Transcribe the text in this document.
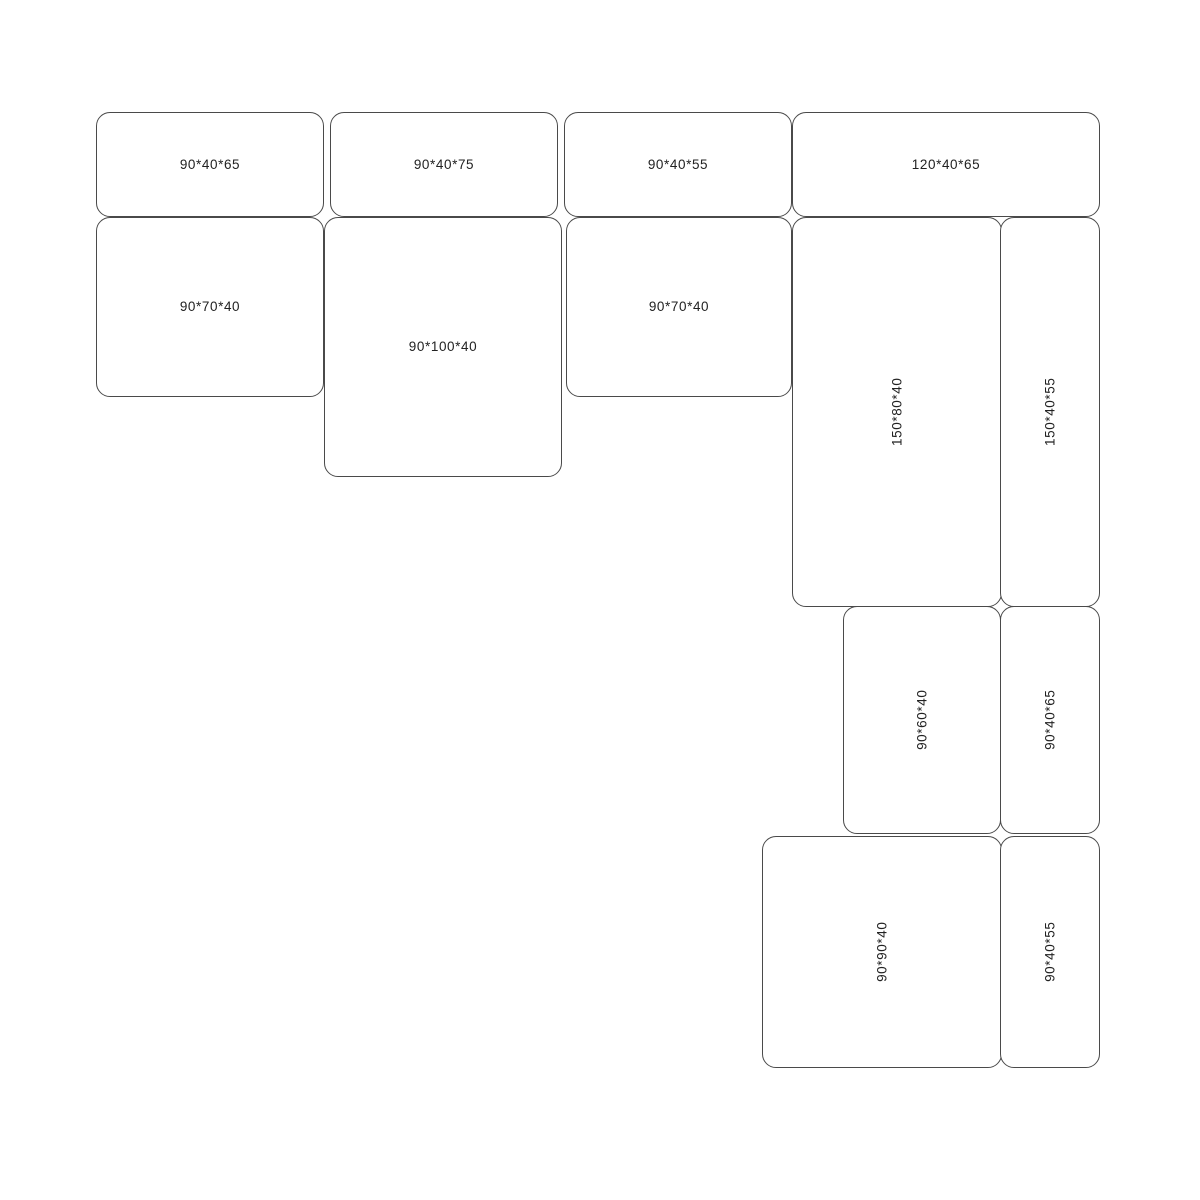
90*40*65	90*40*75	90*40*55	120*40*65
90*70*40
90*100*40
90*70*40
150*80*40	150*40*55
90*60*40	90*40*65
90*90*40	90*40*55
